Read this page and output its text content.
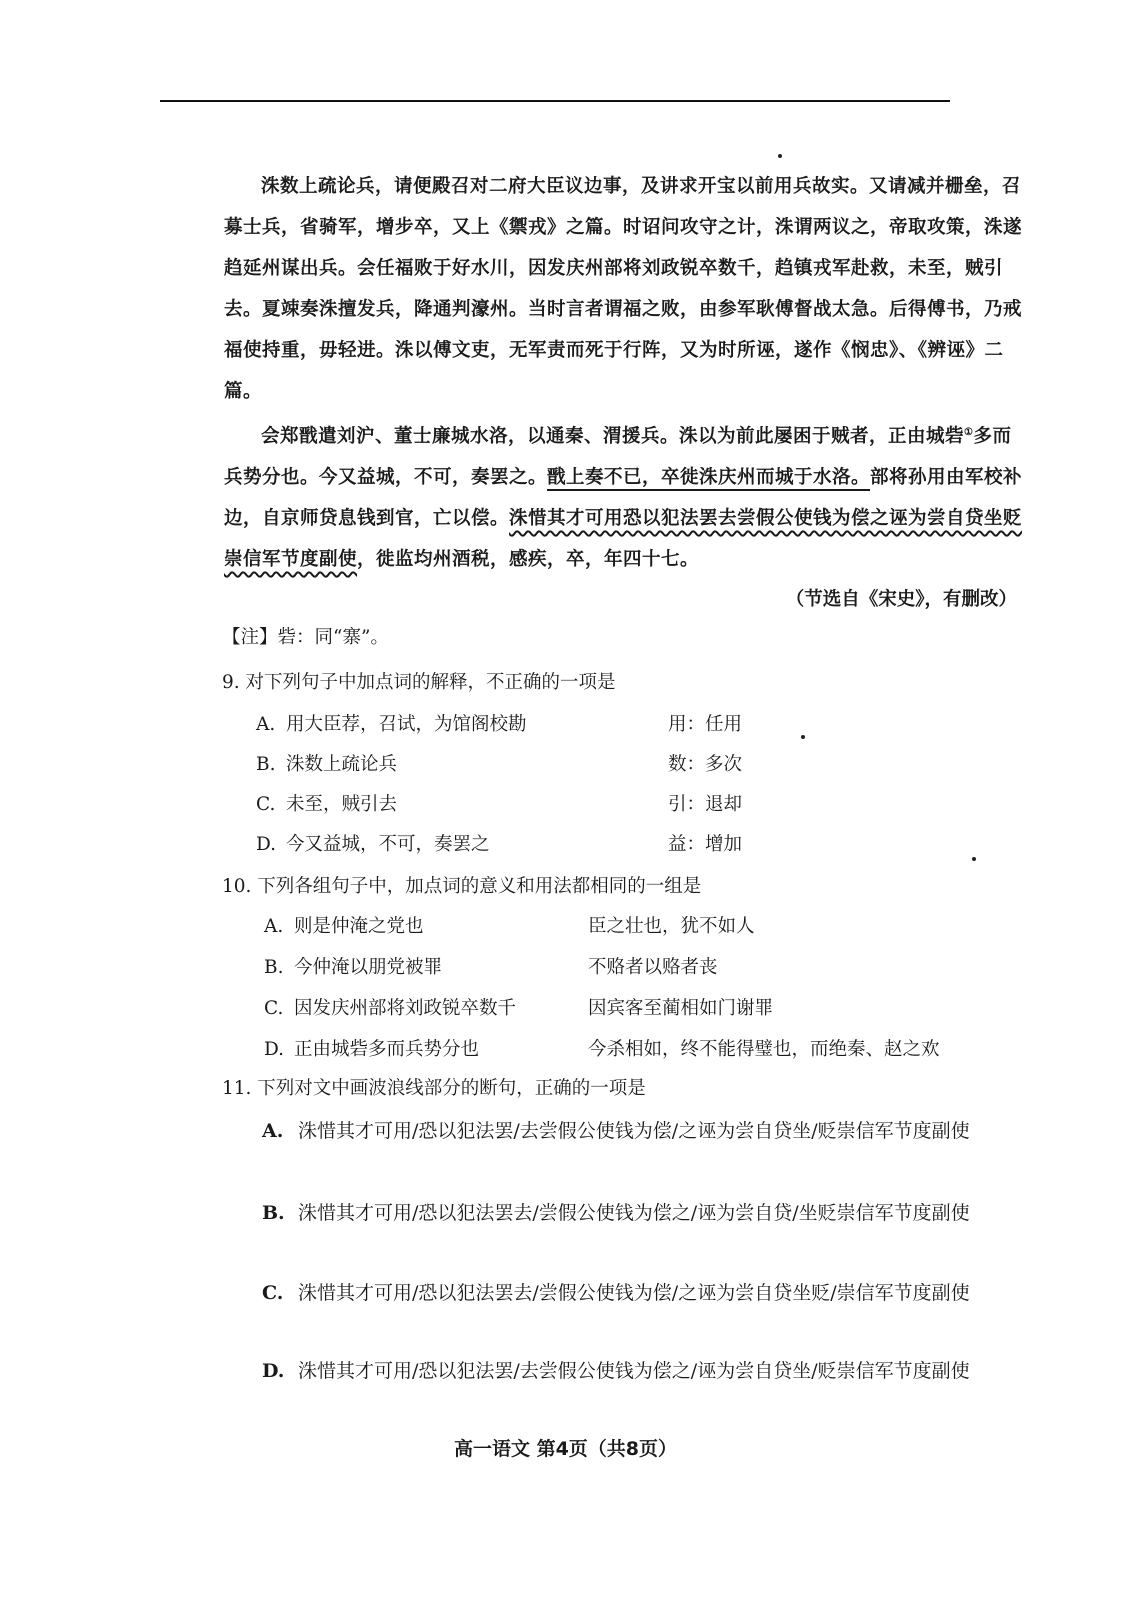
洙数上疏论兵，请便殿召对二府大臣议边事，及讲求开宝以前用兵故实。又请减并栅垒，召募士兵，省骑军，增步卒，又上《禦戎》之篇。时诏问攻守之计，洙谓两议之，帝取攻策，洙遂趋延州谋出兵。会任福败于好水川，因发庆州部将刘政锐卒数千，趋镇戎军赴救，未至，贼引去。夏竦奏洙擅发兵，降通判濠州。当时言者谓福之败，由参军耿傅督战太急。后得傅书，乃戒福使持重，毋轻进。洙以傅文吏，无军责而死于行阵，又为时所诬，遂作《悯忠》、《辨诬》二篇。

会郑戬遣刘沪、董士廉城水洛，以通秦、渭援兵。洙以为前此屡困于贼者，正由城砦①多而兵势分也。今又益城，不可，奏罢之。戬上奏不已，卒徙洙庆州而城于水洛。部将孙用由军校补边，自京师贷息钱到官，亡以偿。洙惜其才可用恐以犯法罢去尝假公使钱为偿之诬为尝自贷坐贬崇信军节度副使，徙监均州酒税，感疾，卒，年四十七。

（节选自《宋史》，有删改）
【注】砦：同“寨”。
9. 对下列句子中加点词的解释，不正确的一项是
A. 用大臣荐，召试，为馆阁校勘	用：任用
B. 洙数上疏论兵	数：多次
C. 未至，贼引去	引：退却
D. 今又益城，不可，奏罢之	益：增加
10. 下列各组句子中，加点词的意义和用法都相同的一组是
A. 则是仲淹之党也	臣之壮也，犹不如人
B. 今仲淹以朋党被罪	不赂者以赂者丧
C. 因发庆州部将刘政锐卒数千	因宾客至蔺相如门谢罪
D. 正由城砦多而兵势分也	今杀相如，终不能得璧也，而绝秦、赵之欢
11. 下列对文中画波浪线部分的断句，正确的一项是
A. 洙惜其才可用/恐以犯法罢/去尝假公使钱为偿/之诬为尝自贷坐/贬崇信军节度副使
B. 洙惜其才可用/恐以犯法罢去/尝假公使钱为偿之/诬为尝自贷/坐贬崇信军节度副使
C. 洙惜其才可用/恐以犯法罢去/尝假公使钱为偿/之诬为尝自贷坐贬/崇信军节度副使
D. 洙惜其才可用/恐以犯法罢/去尝假公使钱为偿之/诬为尝自贷坐/贬崇信军节度副使
高一语文 第4页（共8页）
